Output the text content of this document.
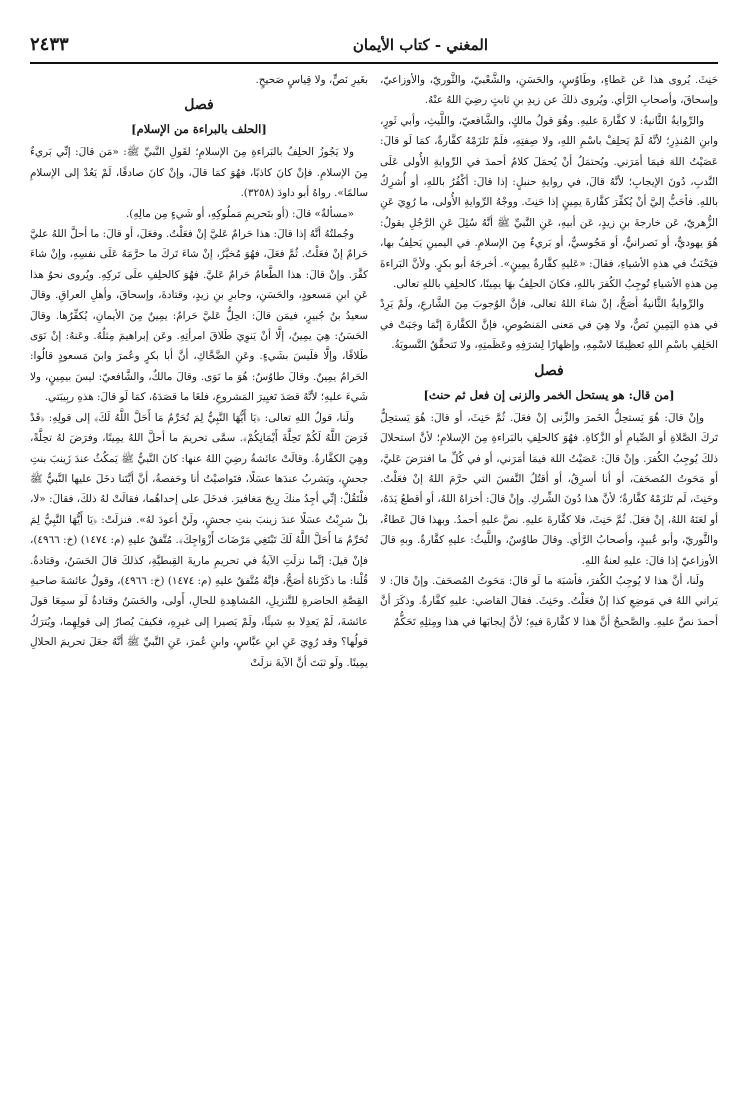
المغني - كتاب الأيمان
٢٤٣٣

حَنِثَ. يُروى هذا عَن عَطاءٍ، وطَاوُسٍ، والحَسَنِ، والشَّعْبيّ، والثَّوريّ، والأوزاعيّ، وإسحاقَ، وأصحابِ الرَّأي. ويُروى ذلكَ عن زيدِ بنِ ثابتٍ رضِيَ اللهُ عنْهُ.

والرِّوايةُ الثَّانيةُ: لا كفَّارةَ عليهِ. وهُوَ قولُ مالكٍ، والشَّافعيّ، واللَّيثِ، وأبي ثَورٍ، وابنِ المُنذِرِ؛ لأنَّهُ لَمْ يَحلِفْ باسْمِ اللهِ، ولا صِفتِهِ، فلَمْ تَلزَمْهُ كفَّارةٌ، كمَا لَو قالَ: عَصَيْتُ اللهَ فيمَا أمَرَني. ويُحتمَلُ أنْ يُحمَلَ كلامُ أحمدَ في الرِّوايةِ الأُولى عَلَى النَّدبِ، دُونَ الإيجابِ؛ لأنَّهُ قالَ، في روايةِ حنبلٍ: إذا قالَ: أكْفُرُ باللهِ، أو أُشرِكُ باللهِ. فأحَبُّ إليَّ أنْ يُكفِّرَ كفَّارةَ يمِينٍ إذا حَنِثَ. ووجْهُ الرِّوايةِ الأُولى، ما رُوِيَ عَنِ الزُّهريّ، عَن خارجةَ بنِ زيدٍ، عَن أبيهِ، عَنِ النَّبيِّ ﷺ أنَّهُ سُئِلَ عَنِ الرَّجُلِ يقولُ: هُوَ يهوديٌّ، أو نَصرانيٌّ، أو مَجُوسيٌّ، أو بَريءٌ مِنَ الإسلامِ. في اليمينِ يَحلِفُ بها، فيَحْنَثُ في هذهِ الأشياءِ، فقالَ: «عَليهِ كفَّارةُ يمِينٍ». أخرجَهُ أبو بكرٍ. ولأنَّ البَراءةَ مِن هذهِ الأشياءِ تُوجِبُ الكُفرَ باللهِ، فكانَ الحلِفُ بهَا يمِينًا، كالحلِفِ باللهِ تعالى.

والرِّوايةُ الثَّانيةُ أصَحُّ، إنْ شاءَ اللهُ تعالى، فإنَّ الوُجوبَ مِنَ الشَّارعِ، ولَمْ يَرِدْ في هذهِ اليَمِينِ نَصٌّ، ولا هِيَ في مَعنى المَنصُوصِ، فإنَّ الكفَّارةَ إنَّمَا وجَبَتْ في الحَلِفِ باسْمِ اللهِ تَعظِيمًا لاسْمِهِ، وإظهارًا لِشرَفِهِ وعَظَمتِهِ، ولا تَتحقَّقُ التَّسويَةُ.

فصل
[من قال: هو يستحل الخمر والزنى إن فعل ثم حنث]

وإنْ قالَ: هُوَ يَستحِلُّ الخَمرَ والزِّنى إنْ فعَلَ. ثُمَّ حَنِثَ، أو قالَ: هُوَ يَستحِلُّ تَركَ الصَّلاةِ أو الصِّيامِ أو الزَّكاةِ. فهُوَ كالحلِفِ بالبَراءةِ مِنَ الإسلامِ؛ لأنَّ استحلالَ ذلكَ يُوجِبُ الكُفرَ. وإنْ قالَ: عَصَيْتُ اللهَ فيمَا أمَرَني، أو في كُلِّ ما افترَضَ عَليَّ، أو مَحَوتُ المُصحَفَ، أو أنا أسرِقُ، أو أقتُلُ النَّفسَ التي حرَّمَ اللهُ إنْ فعَلْتُ. وحَنِثَ، لَم تَلزَمْهُ كفَّارةٌ؛ لأنَّ هذا دُونَ الشِّركِ. وإنْ قالَ: أخزاهُ اللهُ، أو أقطعُ يَدَهُ، أو لعَنَهُ اللهُ، إنْ فعَلَ. ثُمَّ حَنِثَ، فلا كفَّارةَ عليهِ. نصَّ عليهِ أحمدُ. وبهذا قالَ عَطاءٌ، والثَّوريّ، وأبو عُبيدٍ، وأصحابُ الرَّأي. وقالَ طاوُسٌ، واللَّيثُ: عليهِ كفَّارةٌ. وبهِ قالَ الأوزاعيّ إذا قالَ: عليهِ لعنةُ اللهِ.

ولَنا، أنَّ هذا لا يُوجِبُ الكُفرَ، فأشبَهَ ما لَو قالَ: مَحَوتُ المُصحَفَ. وإنْ قالَ: لا يَراني اللهُ في مَوضِعِ كذا إنْ فعَلْتُ. وحَنِثَ. فقالَ القاضي: عليهِ كفَّارةٌ. وذكَرَ أنَّ أحمدَ نصَّ عليهِ. والصَّحيحُ أنَّ هذا لا كفَّارةَ فيهِ؛ لأنَّ إيجابَها في هذا ومِثلِهِ تَحَكُّمٌ

بغَيرِ نَصٍّ، ولا قِياسٍ صَحيحٍ.

فصل
[الحلف بالبراءة من الإسلام]

ولا يَجُوزُ الحلِفُ بالبَراءةِ مِنَ الإسلامِ؛ لقَولِ النَّبيِّ ﷺ: «مَن قالَ: إنِّي بَريءٌ مِنَ الإسلامِ. فإنْ كانَ كاذبًا، فهُوَ كمَا قالَ، وإنْ كانَ صادقًا، لَمْ يَعُدْ إلى الإسلامِ سالمًا». رواهُ أبو داودَ (٣٢٥٨).

«مسألةٌ» قالَ: (أو بتَحريمِ مَملُوكِهِ، أو شَيءٍ مِن مالِهِ).

وجُملتُهُ أنَّهُ إذا قالَ: هذا حَرامٌ عَليَّ إنْ فعَلْتُ. وفعَلَ، أو قالَ: ما أحلَّ اللهُ عليَّ حَرامٌ إنْ فعَلْتُ. ثُمَّ فعَلَ، فهُوَ مُخيَّرٌ، إنْ شاءَ تَركَ ما حرَّمَهُ عَلَى نفسِهِ، وإنْ شاءَ كفَّرَ. وإنْ قالَ: هذا الطَّعامُ حَرامٌ عَليَّ. فهُوَ كالحلِفِ علَى تَركِهِ. ويُروى نحوُ هذا عَنِ ابنِ مَسعودٍ، والحَسَنِ، وجابرِ بنِ زيدٍ، وقتادةَ، وإسحاقَ، وأهلِ العراقِ. وقالَ سعيدُ بنُ جُبيرٍ، فيمَن قالَ: الحِلُّ عَليَّ حَرامٌ: يمِينٌ مِنَ الأيمانِ، يُكفِّرُها. وقالَ الحَسَنُ: هِيَ يمِينٌ، إلَّا أنْ يَنوِيَ طَلاقَ امرأتِهِ. وعَن إبراهيمَ مِثلُهُ. وعَنهُ: إنْ نَوَى طَلاقًا، وإلَّا فلَيسَ بشَيءٍ. وعَنِ الضَّحَّاكِ، أنَّ أبا بكرٍ وعُمرَ وابنَ مَسعودٍ قالُوا: الحَرامُ يمِينٌ. وقالَ طاوُسٌ: هُوَ ما نَوَى. وقالَ مالكٌ، والشَّافعيّ: ليسَ بيمِينٍ، ولا شَيءَ عليهِ؛ لأنَّهُ قصَدَ تَغيِيرَ المَشروعِ، فلغَا ما قصَدَهُ، كمَا لَو قالَ: هذهِ ربِيبَتي.

ولَنا، قولُ اللهِ تعالى: ﴿يَا أَيُّهَا النَّبِيُّ لِمَ تُحَرِّمُ مَا أَحَلَّ اللَّهُ لَكَ﴾ إلى قولِهِ: ﴿قَدْ فَرَضَ اللَّهُ لَكُمْ تَحِلَّةَ أَيْمَانِكُمْ﴾. سمَّى تحريمَ ما أحلَّ اللهُ يمِينًا، وفرَضَ لهُ تحِلَّةً، وهِيَ الكفَّارةُ. وقالَتْ عائشةُ رضِيَ اللهُ عنها: كانَ النَّبيُّ ﷺ يَمكُثُ عندَ زَينبَ بنتِ جحشٍ، ويَشربُ عندَها عسَلًا، فتَواصيْتُ أنا وحَفصةُ، أنَّ أيَّتَنا دخَلَ عليها النَّبيُّ ﷺ فلْتَقُلْ: إنِّي أجِدُ منكَ رِيحَ مَغافيرَ. فدخَلَ على إحداهُما، فقالَتْ لهُ ذلكَ، فقالَ: «لا، بلْ شرِبْتُ عسَلًا عندَ زينبَ بنتِ جحشٍ، ولَنْ أعودَ لهُ». فنزلَتْ: ﴿يَا أَيُّهَا النَّبِيُّ لِمَ تُحَرِّمُ مَا أَحَلَّ اللَّهُ لَكَ تَبْتَغِي مَرْضَاتَ أَزْوَاجِكَ﴾. مُتَّفقٌ عليهِ (م: ١٤٧٤) (خ: ٤٩٦٦)، فإنْ قيلَ: إنَّما نزلَتِ الآيةُ في تحريمِ ماريةَ القِبطيَّةِ، كذلكَ قالَ الحَسَنُ، وقتادةُ. قُلْنا: ما ذكَرْناهُ أصَحُّ، فإنَّهُ مُتَّفقٌ عليهِ (م: ١٤٧٤) (خ: ٤٩٦٦)، وقولُ عائشةَ صاحبةِ القِصَّةِ الحاضرةِ للتَّنزيلِ، المُشاهِدةِ للحالِ، أَولى، والحَسَنُ وقتادةُ لَو سمِعَا قولَ عائشةَ، لَمْ يَعدِلا بهِ شيئًا، ولَمْ يَصيرا إلى غيرِهِ، فكيفَ يُصارُ إلى قولِهِما، ويُترَكُ قولُها؟ وقد رُوِيَ عَنِ ابنِ عبَّاسٍ، وابنِ عُمرَ، عَنِ النَّبيِّ ﷺ أنَّهُ جعَلَ تحريمَ الحلالِ يمِينًا. ولَو ثبَتَ أنَّ الآيةَ نزلَتْ
